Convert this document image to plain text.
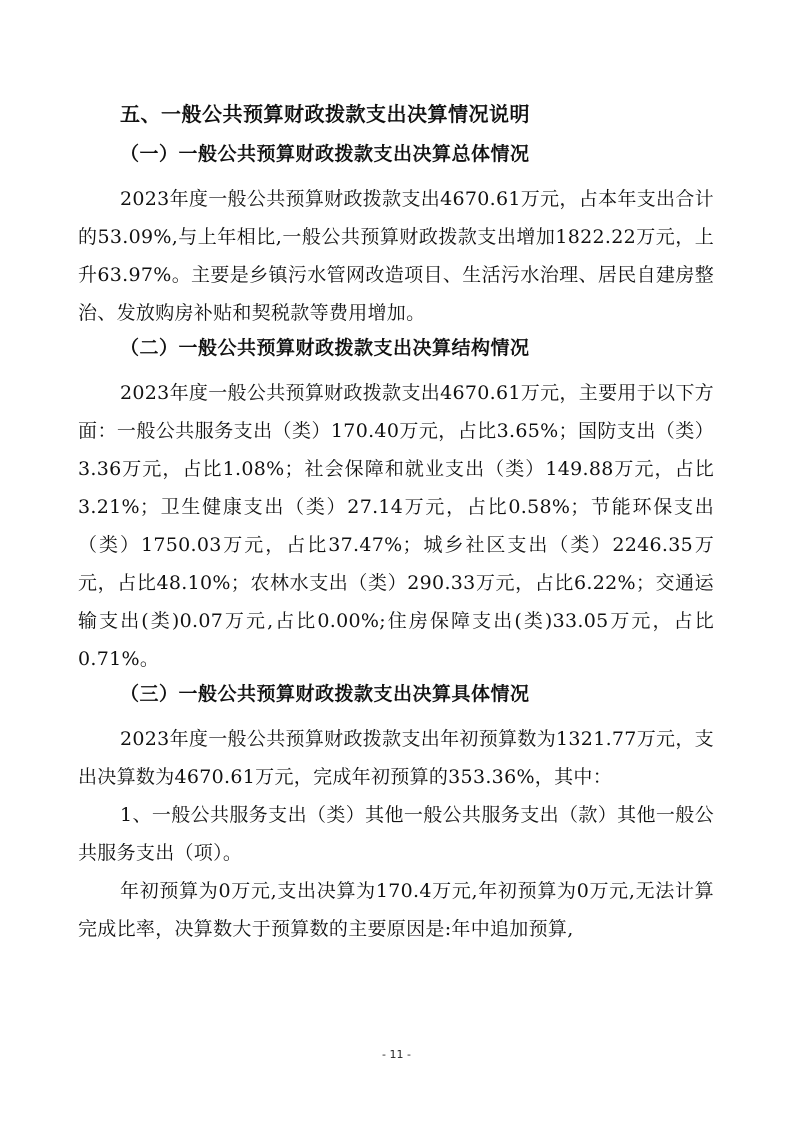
五、一般公共预算财政拨款支出决算情况说明
（一）一般公共预算财政拨款支出决算总体情况

2023年度一般公共预算财政拨款支出4670.61万元，占本年支出合计的53.09%,与上年相比,一般公共预算财政拨款支出增加1822.22万元，上升63.97%。主要是乡镇污水管网改造项目、生活污水治理、居民自建房整治、发放购房补贴和契税款等费用增加。

（二）一般公共预算财政拨款支出决算结构情况

2023年度一般公共预算财政拨款支出4670.61万元，主要用于以下方面：一般公共服务支出（类）170.40万元，占比3.65%；国防支出（类）3.36万元，占比1.08%；社会保障和就业支出（类）149.88万元，占比3.21%；卫生健康支出（类）27.14万元，占比0.58%；节能环保支出（类）1750.03万元，占比37.47%；城乡社区支出（类）2246.35万元，占比48.10%；农林水支出（类）290.33万元，占比6.22%；交通运输支出(类)0.07万元,占比0.00%;住房保障支出(类)33.05万元，占比0.71%。

（三）一般公共预算财政拨款支出决算具体情况

2023年度一般公共预算财政拨款支出年初预算数为1321.77万元，支出决算数为4670.61万元，完成年初预算的353.36%，其中：

1、一般公共服务支出（类）其他一般公共服务支出（款）其他一般公共服务支出（项）。

年初预算为0万元,支出决算为170.4万元,年初预算为0万元,无法计算完成比率，决算数大于预算数的主要原因是:年中追加预算,

- 11 -
